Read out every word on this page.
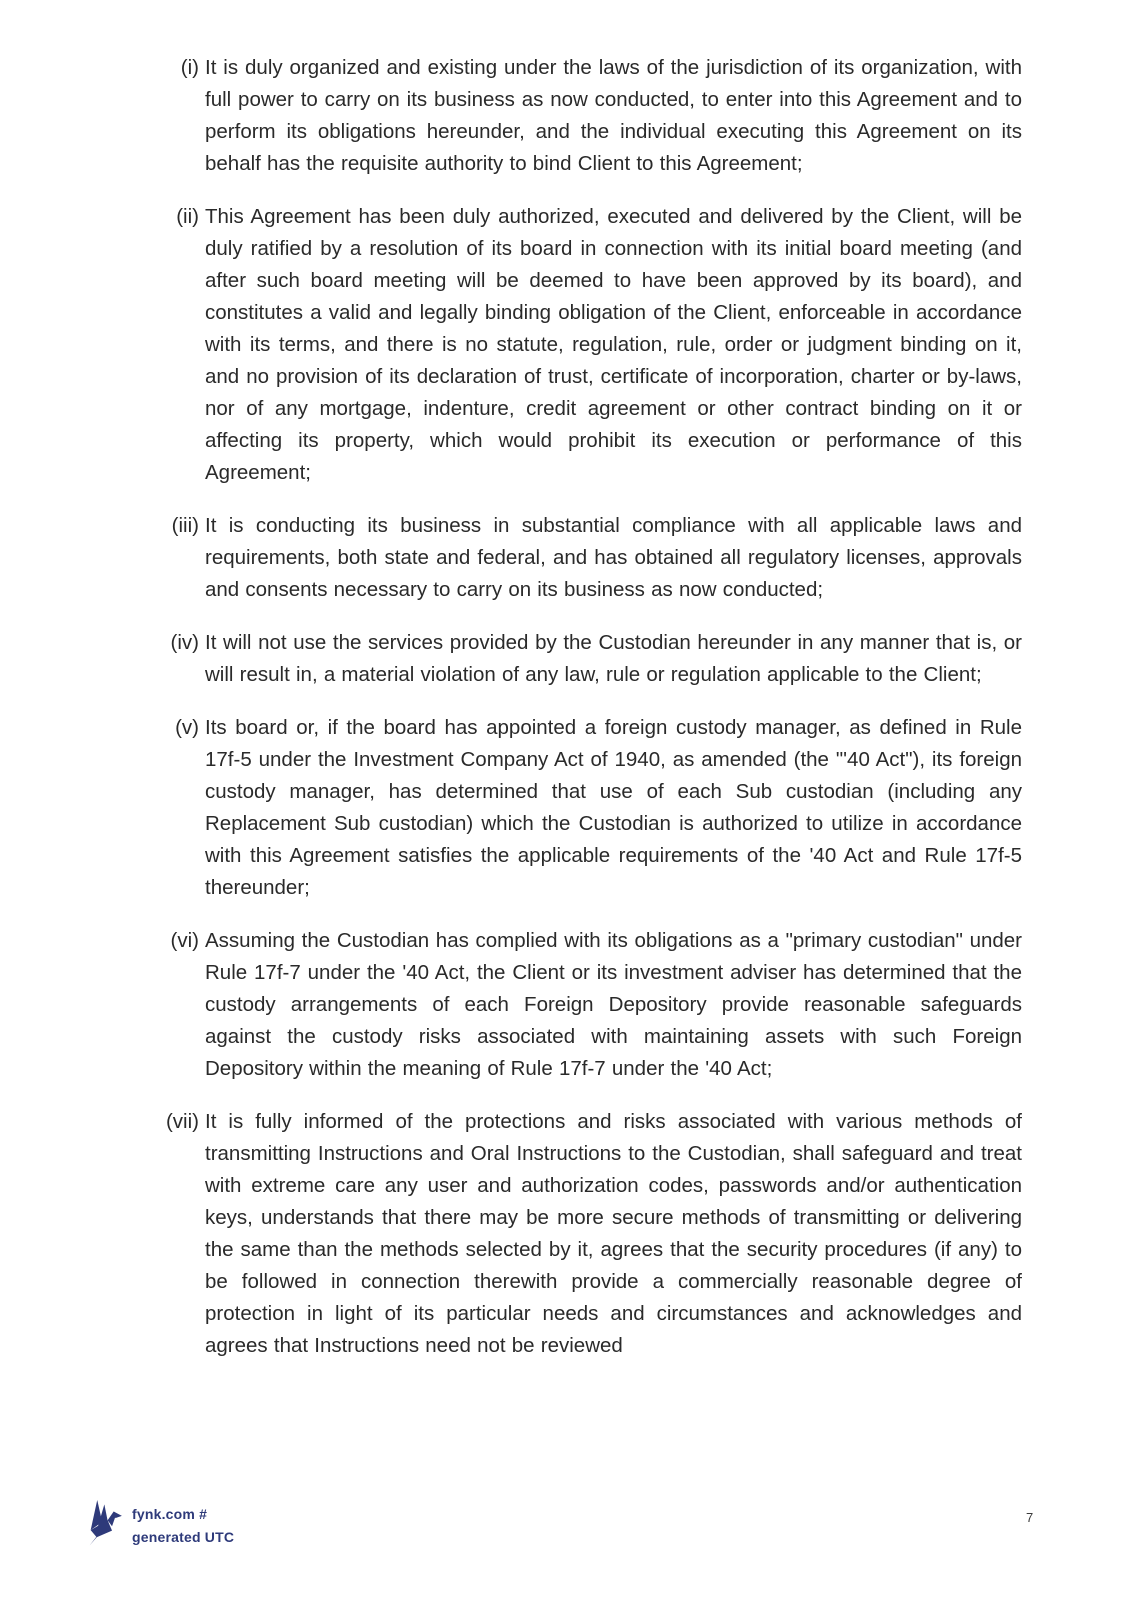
(i) It is duly organized and existing under the laws of the jurisdiction of its organization, with full power to carry on its business as now conducted, to enter into this Agreement and to perform its obligations hereunder, and the individual executing this Agreement on its behalf has the requisite authority to bind Client to this Agreement;

(ii) This Agreement has been duly authorized, executed and delivered by the Client, will be duly ratified by a resolution of its board in connection with its initial board meeting (and after such board meeting will be deemed to have been approved by its board), and constitutes a valid and legally binding obligation of the Client, enforceable in accordance with its terms, and there is no statute, regulation, rule, order or judgment binding on it, and no provision of its declaration of trust, certificate of incorporation, charter or by-laws, nor of any mortgage, indenture, credit agreement or other contract binding on it or affecting its property, which would prohibit its execution or performance of this Agreement;

(iii) It is conducting its business in substantial compliance with all applicable laws and requirements, both state and federal, and has obtained all regulatory licenses, approvals and consents necessary to carry on its business as now conducted;

(iv) It will not use the services provided by the Custodian hereunder in any manner that is, or will result in, a material violation of any law, rule or regulation applicable to the Client;

(v) Its board or, if the board has appointed a foreign custody manager, as defined in Rule 17f-5 under the Investment Company Act of 1940, as amended (the "'40 Act"), its foreign custody manager, has determined that use of each Sub custodian (including any Replacement Sub custodian) which the Custodian is authorized to utilize in accordance with this Agreement satisfies the applicable requirements of the '40 Act and Rule 17f-5 thereunder;

(vi) Assuming the Custodian has complied with its obligations as a "primary custodian" under Rule 17f-7 under the '40 Act, the Client or its investment adviser has determined that the custody arrangements of each Foreign Depository provide reasonable safeguards against the custody risks associated with maintaining assets with such Foreign Depository within the meaning of Rule 17f-7 under the '40 Act;

(vii) It is fully informed of the protections and risks associated with various methods of transmitting Instructions and Oral Instructions to the Custodian, shall safeguard and treat with extreme care any user and authorization codes, passwords and/or authentication keys, understands that there may be more secure methods of transmitting or delivering the same than the methods selected by it, agrees that the security procedures (if any) to be followed in connection therewith provide a commercially reasonable degree of protection in light of its particular needs and circumstances and acknowledges and agrees that Instructions need not be reviewed

fynk.com #
generated UTC
7
